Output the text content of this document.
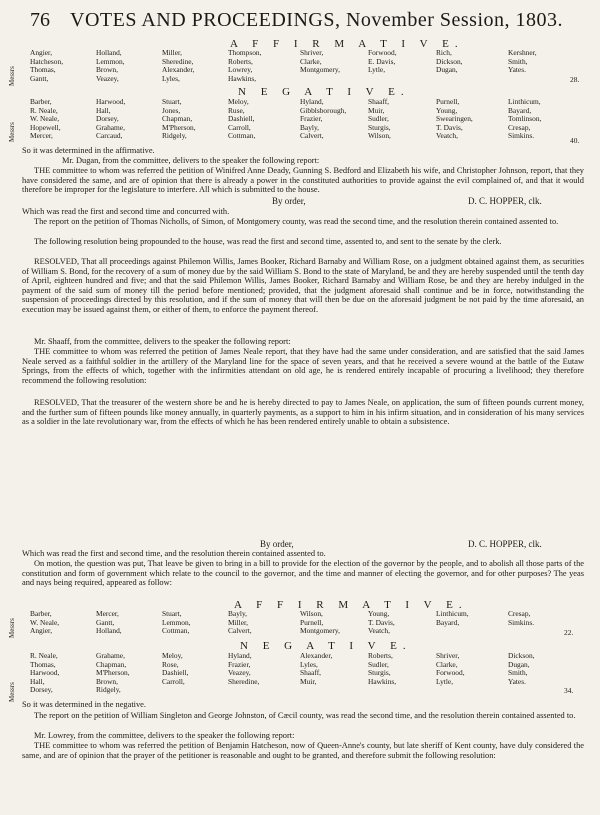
76 VOTES AND PROCEEDINGS, November Session, 1803.
A F F I R M A T I V E.
Messrs
Angier,
Hatcheson,
Thomas,
Gantt,
Holland,
Lemmon,
Brown,
Veazey,
Miller,
Sheredine,
Alexander,
Lyles,
Thompson,
Roberts,
Lowrey,
Hawkins,
Shriver,
Clarke,
Montgomery,
Forwood,
E. Davis,
Lytle,
Rich,
Dickson,
Dugan,
Kershner,
Smith,
Yates.
28.
N E G A T I V E.
Messrs
Barber,
R. Neale,
W. Neale,
Hopewell,
Mercer,
Harwood,
Hall,
Dorsey,
Grahame,
Carcaud,
Stuart,
Jones,
Chapman,
M'Pherson,
Ridgely,
Meloy,
Ruse,
Dashiell,
Carroll,
Cottman,
Hyland,
Gibblsborough,
Frazier,
Bayly,
Calvert,
Shaaff,
Muir,
Sudler,
Sturgis,
Wilson,
Purnell,
Young,
Swearingen,
T. Davis,
Veatch,
Linthicum,
Bayard,
Tomlinson,
Cresap,
Simkins.
40.
So it was determined in the affirmative.
Mr. Dugan, from the committee, delivers to the speaker the following report:
THE committee to whom was referred the petition of Winifred Anne Deady, Gunning S. Bedford and Elizabeth his wife, and Christopher Johnson, report, that they have considered the same, and are of opinion that there is already a power in the constituted authorities to provide against the evil complained of, and that it would therefore be improper for the legislature to interfere. All which is submitted to the house.
By order,	D. C. HOPPER, clk.
Which was read the first and second time and concurred with.
The report on the petition of Thomas Nicholls, of Simon, of Montgomery county, was read the second time, and the resolution therein contained assented to.
The following resolution being propounded to the house, was read the first and second time, assented to, and sent to the senate by the clerk.
RESOLVED, That all proceedings against Philemon Willis, James Booker, Richard Barnaby and William Rose, on a judgment obtained against them, as securities of William S. Bond, for the recovery of a sum of money due by the said William S. Bond to the state of Maryland, be and they are hereby suspended until the tenth day of April, eighteen hundred and five; and that the said Philemon Willis, James Booker, Richard Barnaby and William Rose, be and they are hereby indulged in the payment of the said sum of money till the period before mentioned; provided, that the judgment aforesaid shall continue and be in force, notwithstanding the suspension of proceedings directed by this resolution, and if the sum of money that will then be due on the aforesaid judgment be not paid by the time aforesaid, an execution may be issued against them, or either of them, to enforce the payment thereof.
Mr. Shaaff, from the committee, delivers to the speaker the following report:
THE committee to whom was referred the petition of James Neale report, that they have had the same under consideration, and are satisfied that the said James Neale served as a faithful soldier in the artillery of the Maryland line for the space of seven years, and that he received a severe wound at the battle of the Eutaw Springs, from the effects of which, together with the infirmities attendant on old age, he is rendered entirely incapable of procuring a livelihood; they therefore recommend the following resolution:
RESOLVED, That the treasurer of the western shore be and he is hereby directed to pay to James Neale, on application, the sum of fifteen pounds current money, and the further sum of fifteen pounds like money annually, in quarterly payments, as a support to him in his infirm situation, and in consideration of his many services as a soldier in the late revolutionary war, from the effects of which he has been rendered entirely unable to obtain a subsistence.
By order,	D. C. HOPPER, clk.
Which was read the first and second time, and the resolution therein contained assented to.
On motion, the question was put, That leave be given to bring in a bill to provide for the election of the governor by the people, and to abolish all those parts of the constitution and form of government which relate to the council to the governor, and the time and manner of electing the governor, and for other purposes? The yeas and nays being required, appeared as follow:
A F F I R M A T I V E.
Messrs
Barber,
W. Neale,
Angier,
Mercer,
Gantt,
Holland,
Stuart,
Lemmon,
Cottman,
Bayly,
Miller,
Calvert,
Wilson,
Purnell,
Montgomery,
Young,
T. Davis,
Veatch,
Linthicum,
Bayard,
Cresap,
Simkins.
22.
N E G A T I V E.
Messrs
R. Neale,
Thomas,
Harwood,
Hall,
Dorsey,
Grahame,
Chapman,
M'Pherson,
Brown,
Ridgely,
Meloy,
Rose,
Dashiell,
Carroll,
Hyland,
Frazier,
Veazey,
Sheredine,
Alexander,
Lyles,
Shaaff,
Muir,
Roberts,
Sudler,
Sturgis,
Hawkins,
Shriver,
Clarke,
Forwood,
Lytle,
Dickson,
Dugan,
Smith,
Yates.
34.
So it was determined in the negative.
The report on the petition of William Singleton and George Johnston, of Cæcil county, was read the second time, and the resolution therein contained assented to.
Mr. Lowrey, from the committee, delivers to the speaker the following report:
THE committee to whom was referred the petition of Benjamin Hatcheson, now of Queen-Anne's county, but late sheriff of Kent county, have duly considered the same, and are of opinion that the prayer of the petitioner is reasonable and ought to be granted, and therefore submit the following resolution:
